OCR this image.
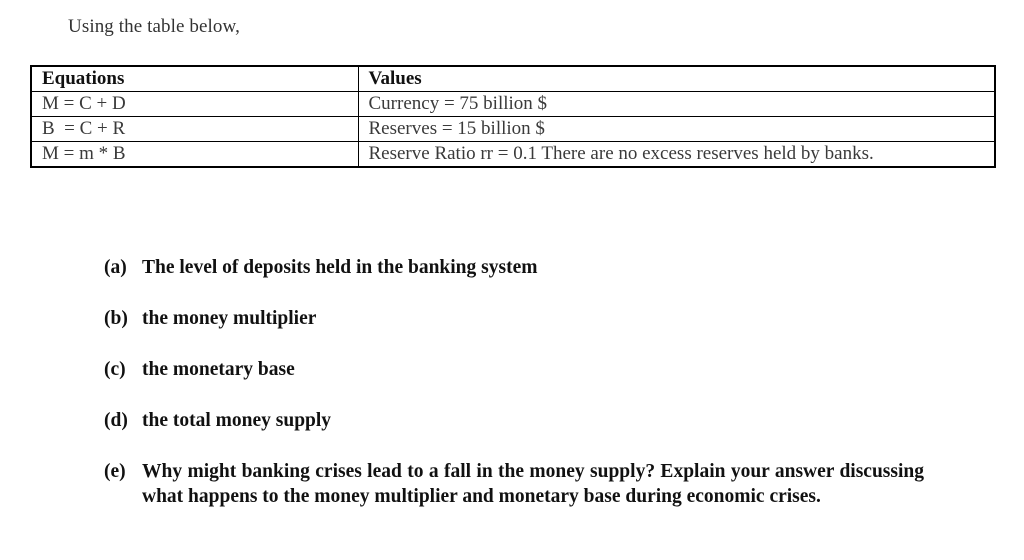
Using the table below,
Equations	Values
M = C + D	Currency = 75 billion $
B  = C + R	Reserves = 15 billion $
M = m * B	Reserve Ratio rr = 0.1 There are no excess reserves held by banks.
(a) The level of deposits held in the banking system
(b) the money multiplier
(c) the monetary base
(d) the total money supply
(e) Why might banking crises lead to a fall in the money supply? Explain your answer discussing what happens to the money multiplier and monetary base during economic crises.
